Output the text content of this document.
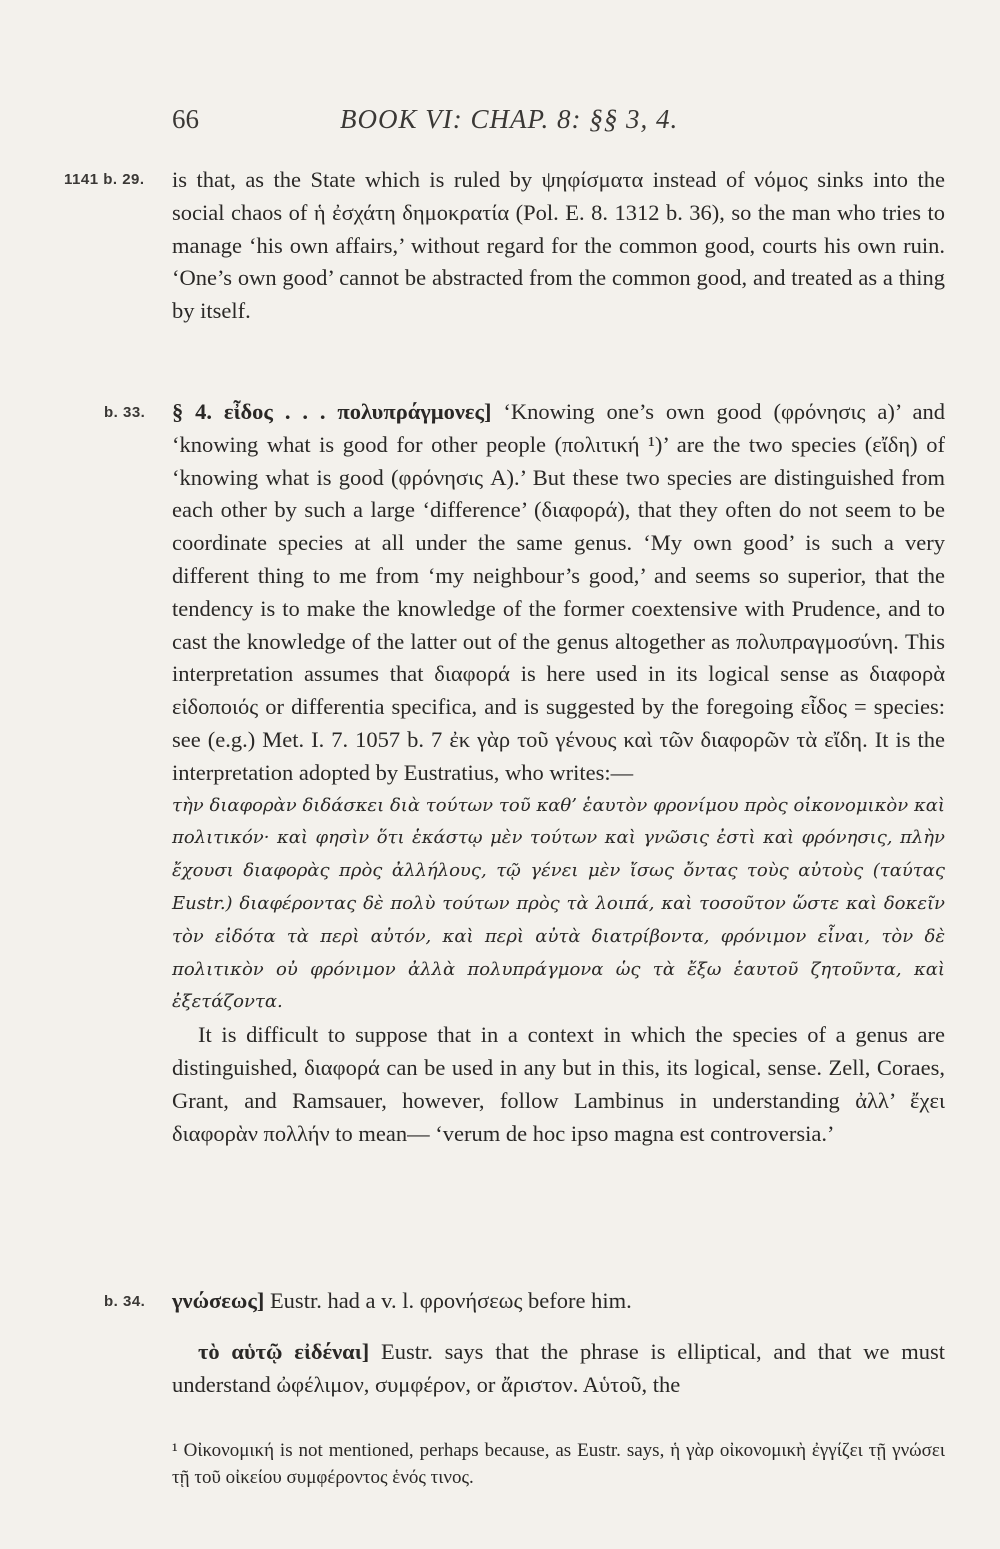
66	BOOK VI: CHAP. 8: §§ 3, 4.
1141 b. 29. is that, as the State which is ruled by ψηφίσματα instead of νόμος sinks into the social chaos of ἡ ἐσχάτη δημοκρατία (Pol. E. 8. 1312 b. 36), so the man who tries to manage ‘his own affairs,’ without regard for the common good, courts his own ruin. ‘One’s own good’ cannot be abstracted from the common good, and treated as a thing by itself.

b. 33. § 4. εἶδος . . . πολυπράγμονες] ‘Knowing one’s own good (φρόνησις a)’ and ‘knowing what is good for other people (πολιτική ¹)’ are the two species (εἴδη) of ‘knowing what is good (φρόνησις A).’ But these two species are distinguished from each other by such a large ‘difference’ (διαφορά), that they often do not seem to be coordinate species at all under the same genus. ‘My own good’ is such a very different thing to me from ‘my neighbour’s good,’ and seems so superior, that the tendency is to make the knowledge of the former coextensive with Prudence, and to cast the knowledge of the latter out of the genus altogether as πολυπραγμοσύνη. This interpretation assumes that διαφορά is here used in its logical sense as διαφορὰ εἰδοποιός or differentia specifica, and is suggested by the foregoing εἶδος = species: see (e.g.) Met. I. 7. 1057 b. 7 ἐκ γὰρ τοῦ γένους καὶ τῶν διαφορῶν τὰ εἴδη. It is the interpretation adopted by Eustratius, who writes:—

τὴν διαφορὰν διδάσκει διὰ τούτων τοῦ καθ’ ἑαυτὸν φρονίμου πρὸς οἰκονομικὸν καὶ πολιτικόν· καὶ φησὶν ὅτι ἑκάστῳ μὲν τούτων καὶ γνῶσις ἐστὶ καὶ φρόνησις, πλὴν ἔχουσι διαφορὰς πρὸς ἀλλήλους, τῷ γένει μὲν ἴσως ὄντας τοὺς αὐτοὺς (ταύτας Eustr.) διαφέροντας δὲ πολὺ τούτων πρὸς τὰ λοιπά, καὶ τοσοῦτον ὥστε καὶ δοκεῖν τὸν εἰδότα τὰ περὶ αὐτόν, καὶ περὶ αὐτὰ διατρίβοντα, φρόνιμον εἶναι, τὸν δὲ πολιτικὸν οὐ φρόνιμον ἀλλὰ πολυπράγμονα ὡς τὰ ἔξω ἑαυτοῦ ζητοῦντα, καὶ ἐξετάζοντα.

It is difficult to suppose that in a context in which the species of a genus are distinguished, διαφορά can be used in any but in this, its logical, sense. Zell, Coraes, Grant, and Ramsauer, however, follow Lambinus in understanding ἀλλ’ ἔχει διαφορὰν πολλήν to mean— ‘verum de hoc ipso magna est controversia.’

b. 34. γνώσεως] Eustr. had a v. l. φρονήσεως before him.

τὸ αὑτῷ εἰδέναι] Eustr. says that the phrase is elliptical, and that we must understand ὠφέλιμον, συμφέρον, or ἄριστον. Αὑτοῦ, the

¹ Οἰκονομική is not mentioned, perhaps because, as Eustr. says, ἡ γὰρ οἰκονομικὴ ἐγγίζει τῇ γνώσει τῇ τοῦ οἰκείου συμφέροντος ἑνός τινος.
